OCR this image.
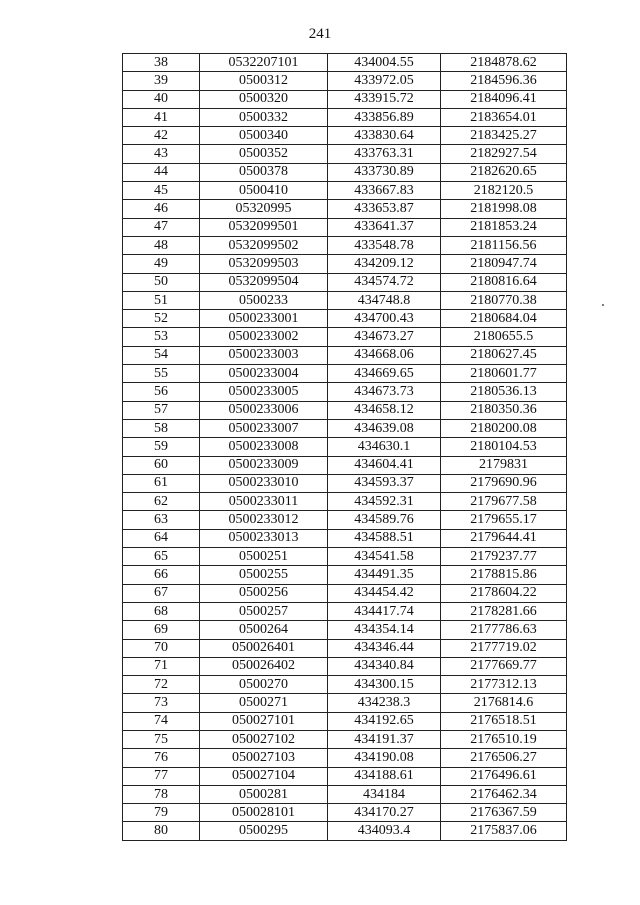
241
38	0532207101	434004.55	2184878.62
39	0500312	433972.05	2184596.36
40	0500320	433915.72	2184096.41
41	0500332	433856.89	2183654.01
42	0500340	433830.64	2183425.27
43	0500352	433763.31	2182927.54
44	0500378	433730.89	2182620.65
45	0500410	433667.83	2182120.5
46	05320995	433653.87	2181998.08
47	0532099501	433641.37	2181853.24
48	0532099502	433548.78	2181156.56
49	0532099503	434209.12	2180947.74
50	0532099504	434574.72	2180816.64
51	0500233	434748.8	2180770.38
52	0500233001	434700.43	2180684.04
53	0500233002	434673.27	2180655.5
54	0500233003	434668.06	2180627.45
55	0500233004	434669.65	2180601.77
56	0500233005	434673.73	2180536.13
57	0500233006	434658.12	2180350.36
58	0500233007	434639.08	2180200.08
59	0500233008	434630.1	2180104.53
60	0500233009	434604.41	2179831
61	0500233010	434593.37	2179690.96
62	0500233011	434592.31	2179677.58
63	0500233012	434589.76	2179655.17
64	0500233013	434588.51	2179644.41
65	0500251	434541.58	2179237.77
66	0500255	434491.35	2178815.86
67	0500256	434454.42	2178604.22
68	0500257	434417.74	2178281.66
69	0500264	434354.14	2177786.63
70	050026401	434346.44	2177719.02
71	050026402	434340.84	2177669.77
72	0500270	434300.15	2177312.13
73	0500271	434238.3	2176814.6
74	050027101	434192.65	2176518.51
75	050027102	434191.37	2176510.19
76	050027103	434190.08	2176506.27
77	050027104	434188.61	2176496.61
78	0500281	434184	2176462.34
79	050028101	434170.27	2176367.59
80	0500295	434093.4	2175837.06
